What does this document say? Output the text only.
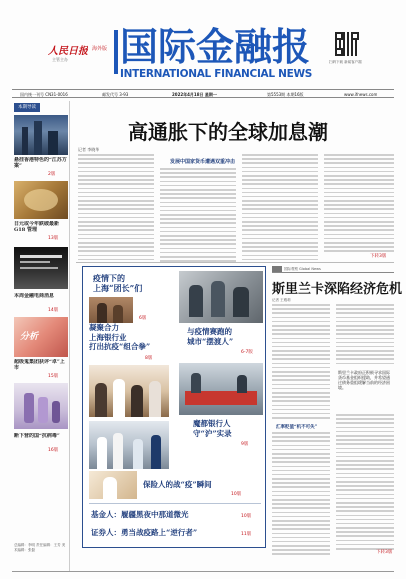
人民日报 海外版
主管主办 国际金融报
INTERNATIONAL FINANCIAL NEWS
扫码下载 新闻客户端
国内统一刊号 CN31-0016	邮发代号 3-93	2022年4月18日 星期一	第5553期 本期16版	www.ifnews.com
本期导读
悬挂香港特色的“江苏方案”
2版
日元或今年跌破最新 G18 管理
13版
本周金融电商消息
14版
分析
超级鬼集团获评“卓”上市
15版
断下营的国“抗病毒”
16版
总编辑：李明 责任编辑：王芳 美术编辑：张磊
高通胀下的全球加息潮
记者 李晓华
发展中国家货币遭遇双重冲击
下转3版
疫情下的
上海“团长”们
6版
与疫情赛跑的
城市“摆渡人”
6-7版
凝聚合力
上海银行业
打出抗疫“组合拳”
8版
魔都银行人
守“沪”实录
9版
保险人的战“疫”瞬间
10版
基金人：履疆黑夜中那道微光	10版
证券人：勇当战疫路上“逆行者”	11版
国际观察 Global News
斯里兰卡深陷经济危机
记者 王雅莉
斯里兰卡政府正积极寻求国际货币基金组织援助，并希望通过债务重组缓解当前的经济困境。
汇率贬值“机不可失”
下转3版
